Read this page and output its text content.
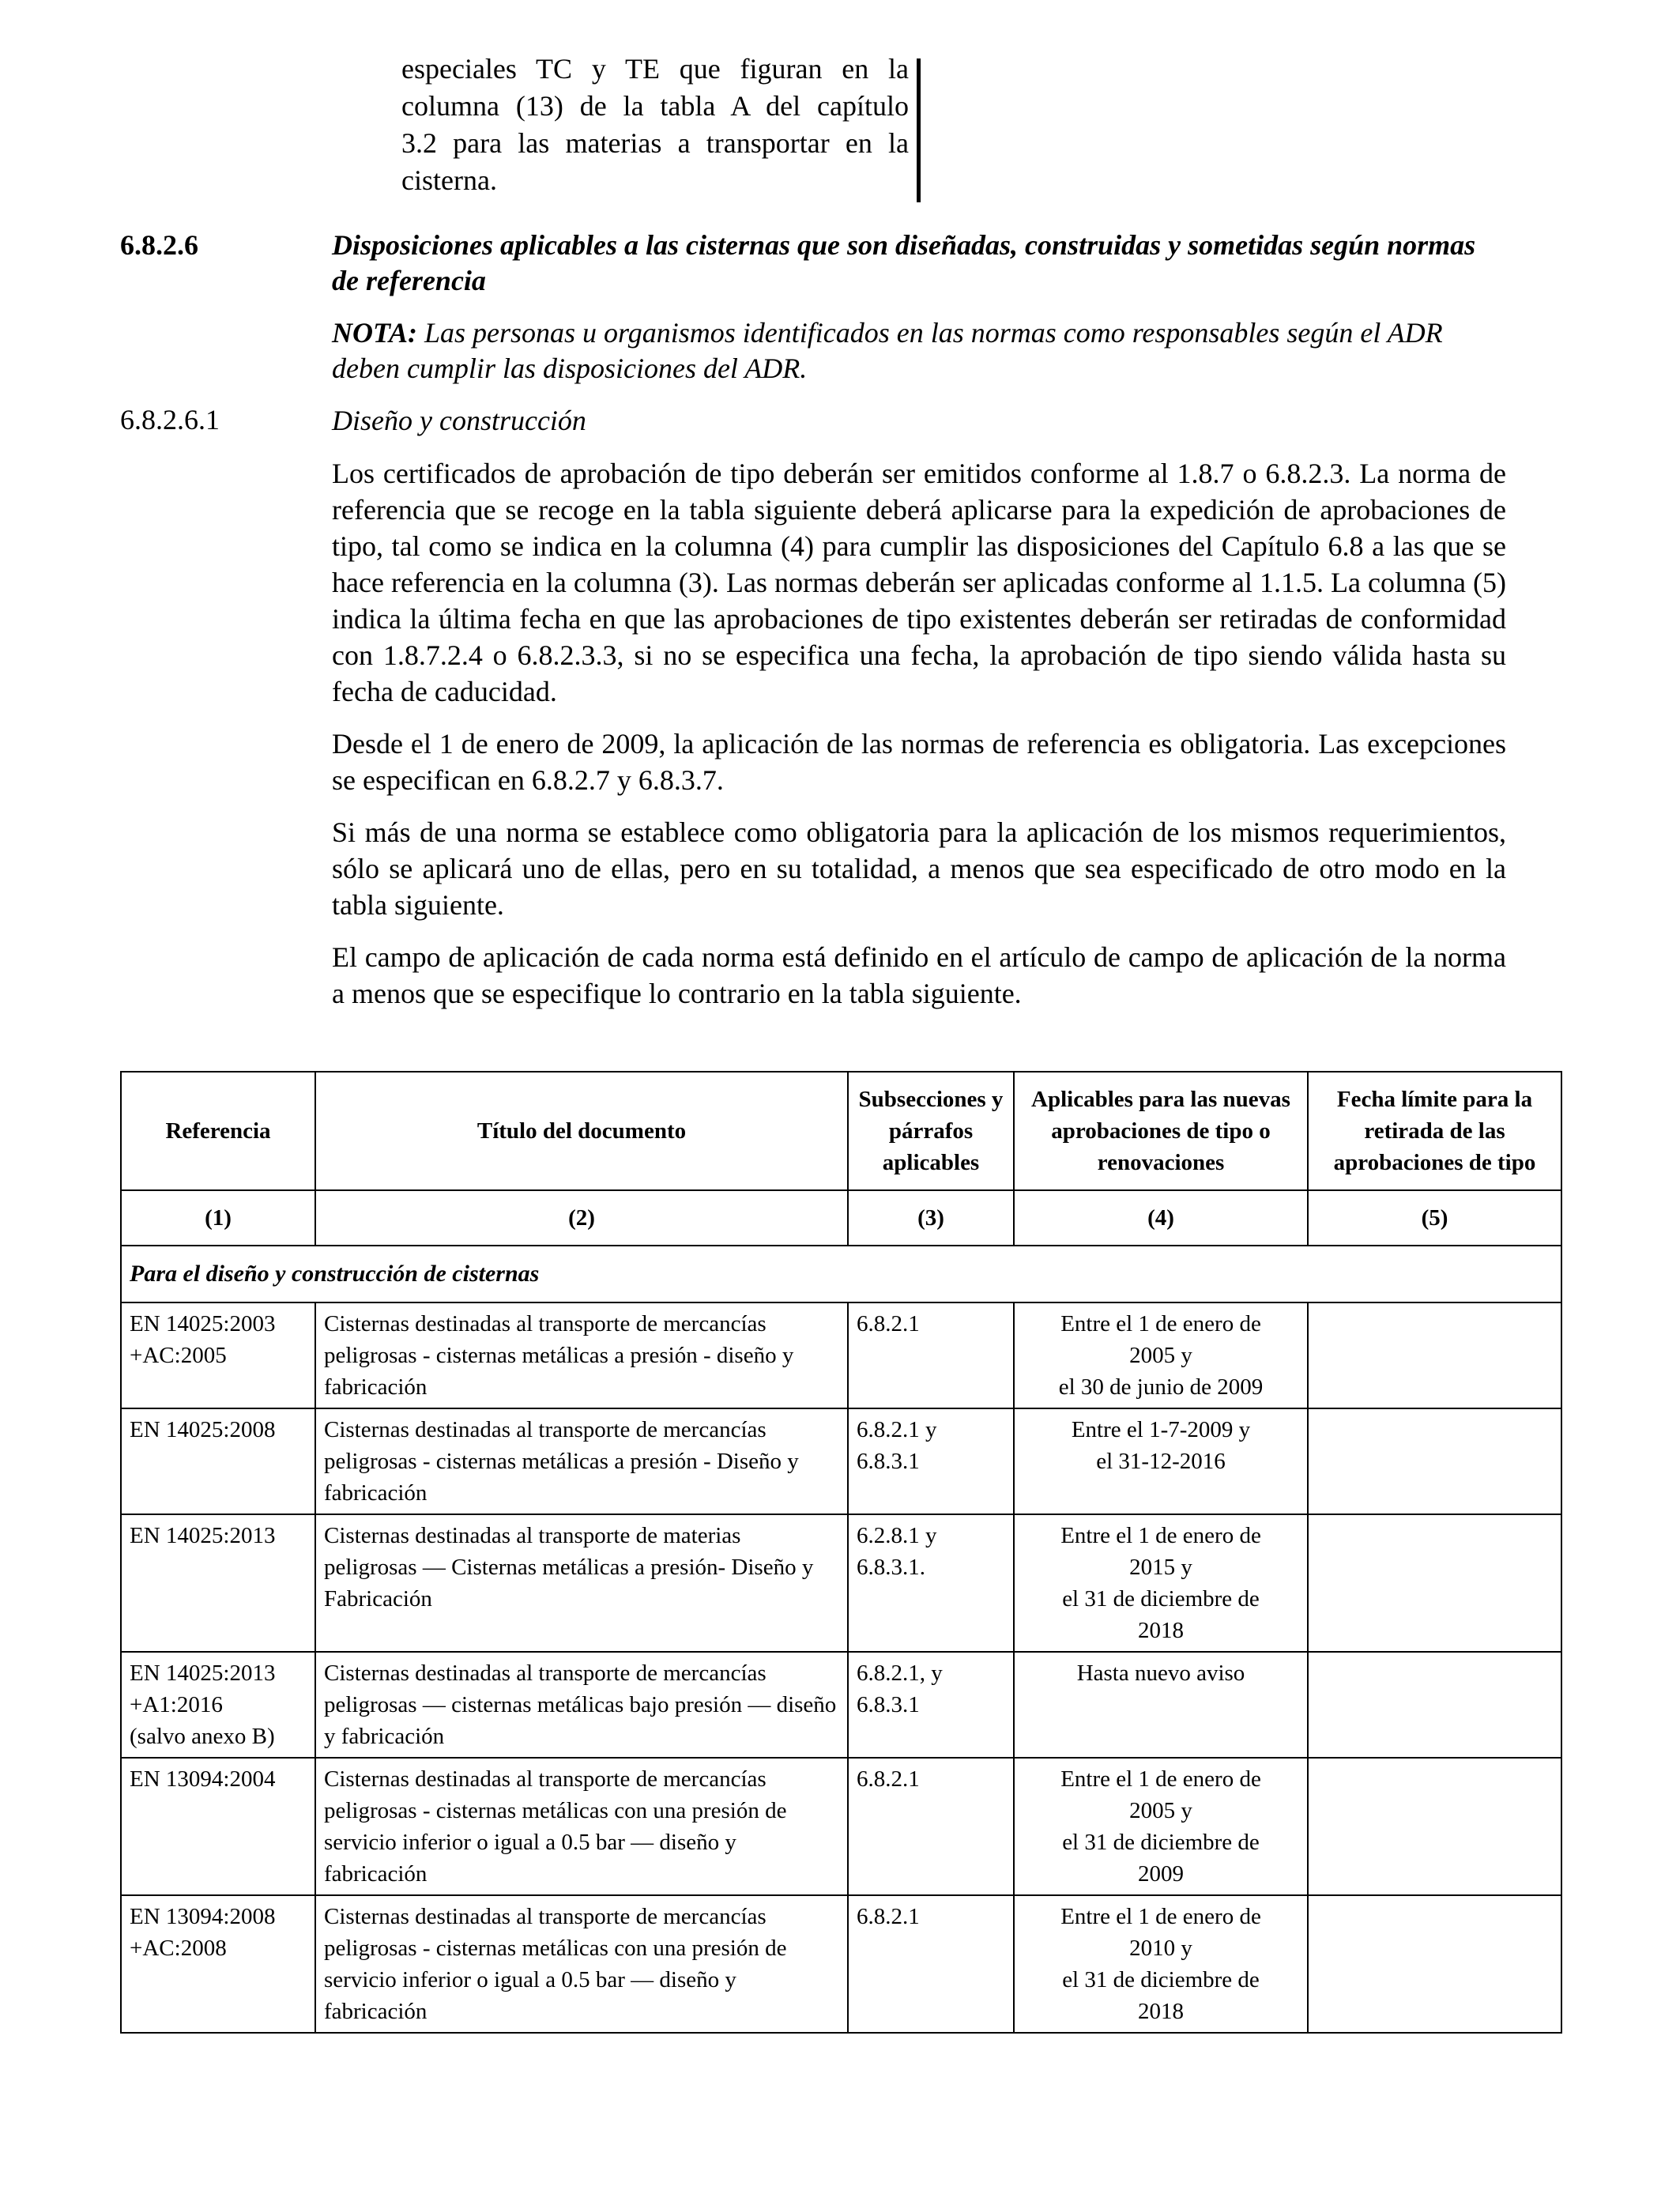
especiales TC y TE que figuran en la

columna (13) de la tabla A del capítulo

3.2 para las materias a transportar en la

cisterna.

6.8.2.6	Disposiciones aplicables a las cisternas que son diseñadas, construidas y sometidas según normas de referencia

NOTA: Las personas u organismos identificados en las normas como responsables según el ADR deben cumplir las disposiciones del ADR.

6.8.2.6.1	Diseño y construcción

Los certificados de aprobación de tipo deberán ser emitidos conforme al 1.8.7 o 6.8.2.3. La norma de referencia que se recoge en la tabla siguiente deberá aplicarse para la expedición de aprobaciones de tipo, tal como se indica en la columna (4) para cumplir las disposiciones del Capítulo 6.8 a las que se hace referencia en la columna (3). Las normas deberán ser aplicadas conforme al 1.1.5. La columna (5) indica la última fecha en que las aprobaciones de tipo existentes deberán ser retiradas de conformidad con 1.8.7.2.4 o 6.8.2.3.3, si no se especifica una fecha, la aprobación de tipo siendo válida hasta su fecha de caducidad.

Desde el 1 de enero de 2009, la aplicación de las normas de referencia es obligatoria. Las excepciones se especifican en 6.8.2.7 y 6.8.3.7.

Si más de una norma se establece como obligatoria para la aplicación de los mismos requerimientos, sólo se aplicará uno de ellas, pero en su totalidad, a menos que sea especificado de otro modo en la tabla siguiente.

El campo de aplicación de cada norma está definido en el artículo de campo de aplicación de la norma a menos que se especifique lo contrario en la tabla siguiente.

Referencia	Título del documento	Subsecciones y párrafos aplicables	Aplicables para las nuevas aprobaciones de tipo o renovaciones	Fecha límite para la retirada de las aprobaciones de tipo
(1)	(2)	(3)	(4)	(5)
Para el diseño y construcción de cisternas				

EN 14025:2003
+AC:2005	Cisternas destinadas al transporte de mercancías peligrosas - cisternas metálicas a presión - diseño y fabricación	6.8.2.1	Entre el 1 de enero de
2005 y
el 30 de junio de 2009	

EN 14025:2008	Cisternas destinadas al transporte de mercancías peligrosas - cisternas metálicas a presión - Diseño y fabricación	6.8.2.1 y
6.8.3.1	Entre el 1-7-2009 y
el 31-12-2016	

EN 14025:2013	Cisternas destinadas al transporte de materias peligrosas — Cisternas metálicas a presión- Diseño y Fabricación	6.2.8.1 y
6.8.3.1.	Entre el 1 de enero de
2015 y
el 31 de diciembre de
2018	

EN 14025:2013
+A1:2016
(salvo anexo B)	Cisternas destinadas al transporte de mercancías peligrosas — cisternas metálicas bajo presión — diseño y fabricación	6.8.2.1, y
6.8.3.1	Hasta nuevo aviso	

EN 13094:2004	Cisternas destinadas al transporte de mercancías peligrosas - cisternas metálicas con una presión de servicio inferior o igual a 0.5 bar — diseño y fabricación	6.8.2.1	Entre el 1 de enero de
2005 y
el 31 de diciembre de
2009	

EN 13094:2008
+AC:2008	Cisternas destinadas al transporte de mercancías peligrosas - cisternas metálicas con una presión de servicio inferior o igual a 0.5 bar — diseño y fabricación	6.8.2.1	Entre el 1 de enero de
2010 y
el 31 de diciembre de
2018	
